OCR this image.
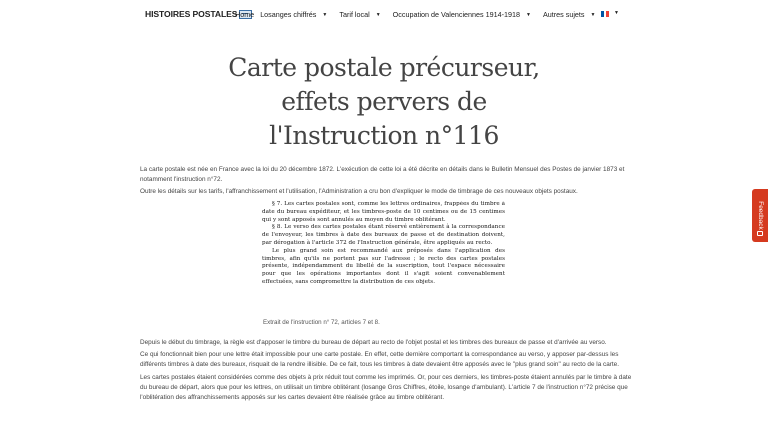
HISTOIRES POSTALES
Home Losanges chiffrés ▼ Tarif local ▼ Occupation de Valenciennes 1914-1918 ▼ Autres sujets ▼	▼
Carte postale précurseur,
effets pervers de
l'Instruction n°116

La carte postale est née en France avec la loi du 20 décembre 1872. L'exécution de cette loi a été décrite en détails dans le Bulletin Mensuel des Postes de janvier 1873 et notamment l'instruction n°72.

Outre les détails sur les tarifs, l'affranchissement et l'utilisation, l'Administration a cru bon d'expliquer le mode de timbrage de ces nouveaux objets postaux.

§ 7. Les cartes postales sont, comme les lettres ordinaires, frappées du timbre à date du bureau expéditeur, et les timbres-poste de 10 centimes ou de 15 centimes qui y sont apposés sont annulés au moyen du timbre oblitérant.

§ 8. Le verso des cartes postales étant réservé entièrement à la correspondance de l'envoyeur, les timbres à date des bureaux de passe et de destination doivent, par dérogation à l'article 372 de l'Instruction générale, être appliqués au recto.

Le plus grand soin est recommandé aux préposés dans l'application des timbres, afin qu'ils ne portent pas sur l'adresse ; le recto des cartes postales présente, indépendamment du libellé de la suscription, tout l'espace nécessaire pour que les opérations importantes dont il s'agit soient convenablement effectuées, sans compromettre la distribution de ces objets.

Extrait de l'instruction n° 72, articles 7 et 8.

Depuis le début du timbrage, la règle est d'apposer le timbre du bureau de départ au recto de l'objet postal et les timbres des bureaux de passe et d'arrivée au verso.

Ce qui fonctionnait bien pour une lettre était impossible pour une carte postale. En effet, cette dernière comportant la correspondance au verso, y apposer par-dessus les différents timbres à date des bureaux, risquait de la rendre illisible. De ce fait, tous les timbres à date devaient être apposés avec le "plus grand soin" au recto de la carte.

Les cartes postales étaient considérées comme des objets à prix réduit tout comme les imprimés. Or, pour ces derniers, les timbres-poste étaient annulés par le timbre à date du bureau de départ, alors que pour les lettres, on utilisait un timbre oblitérant (losange Gros Chiffres, étoile, losange d'ambulant). L'article 7 de l'instruction n°72 précise que l'oblitération des affranchissements apposés sur les cartes devaient être réalisée grâce au timbre oblitérant.

Feedback
